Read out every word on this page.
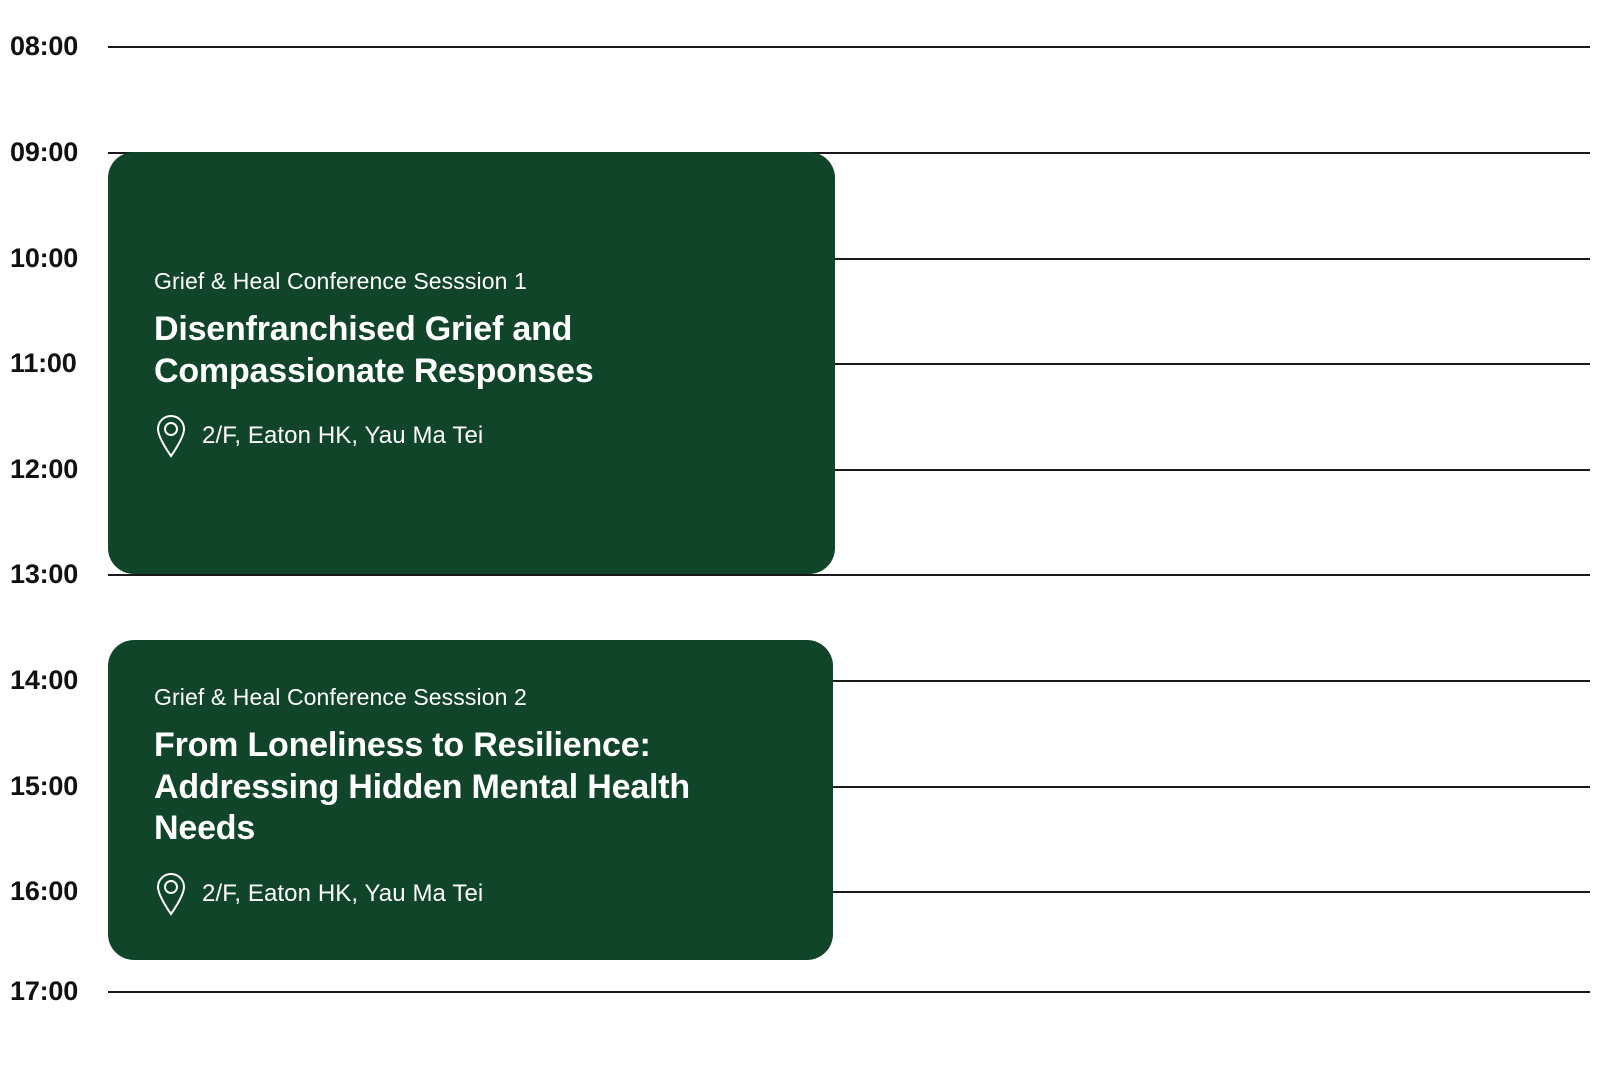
08:00
09:00
10:00
11:00
12:00
13:00
14:00
15:00
16:00
17:00
Grief & Heal Conference Sesssion 1
Disenfranchised Grief and Compassionate Responses
2/F, Eaton HK, Yau Ma Tei
Grief & Heal Conference Sesssion 2
From Loneliness to Resilience: Addressing Hidden Mental Health Needs
2/F, Eaton HK, Yau Ma Tei
